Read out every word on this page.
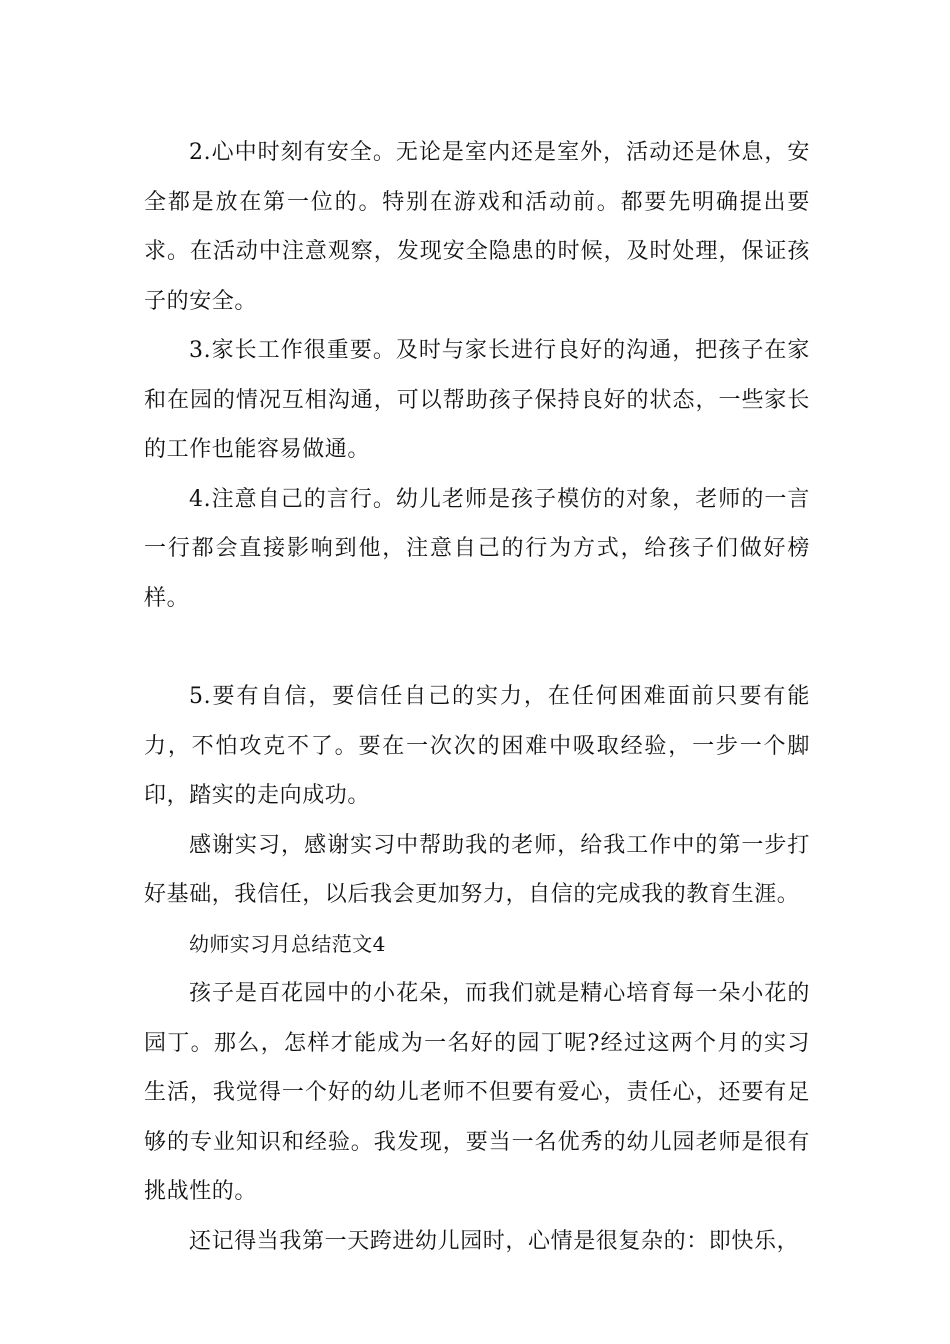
2.心中时刻有安全。无论是室内还是室外，活动还是休息，安全都是放在第一位的。特别在游戏和活动前。都要先明确提出要求。在活动中注意观察，发现安全隐患的时候，及时处理，保证孩子的安全。

3.家长工作很重要。及时与家长进行良好的沟通，把孩子在家和在园的情况互相沟通，可以帮助孩子保持良好的状态，一些家长的工作也能容易做通。

4.注意自己的言行。幼儿老师是孩子模仿的对象，老师的一言一行都会直接影响到他，注意自己的行为方式，给孩子们做好榜样。

5.要有自信，要信任自己的实力，在任何困难面前只要有能力，不怕攻克不了。要在一次次的困难中吸取经验，一步一个脚印，踏实的走向成功。

感谢实习，感谢实习中帮助我的老师，给我工作中的第一步打好基础，我信任，以后我会更加努力，自信的完成我的教育生涯。

幼师实习月总结范文4

孩子是百花园中的小花朵，而我们就是精心培育每一朵小花的园丁。那么，怎样才能成为一名好的园丁呢?经过这两个月的实习生活，我觉得一个好的幼儿老师不但要有爱心，责任心，还要有足够的专业知识和经验。我发现，要当一名优秀的幼儿园老师是很有挑战性的。

还记得当我第一天跨进幼儿园时，心情是很复杂的：即快乐，
